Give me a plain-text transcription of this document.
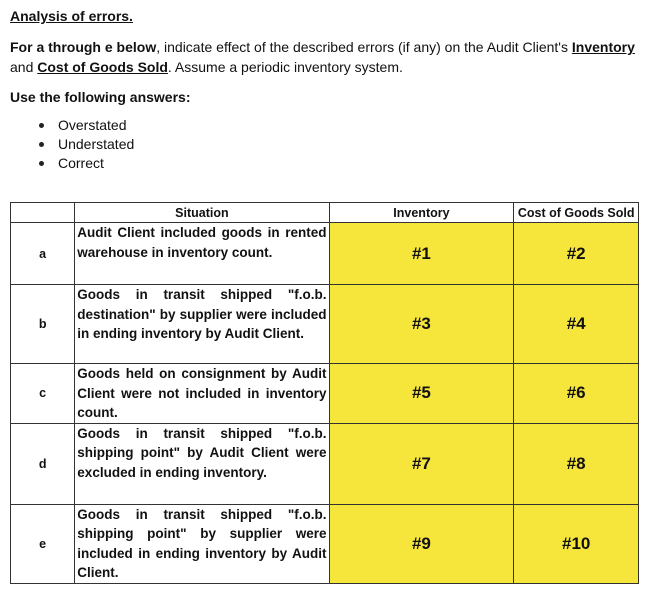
Analysis of errors.
For a through e below, indicate effect of the described errors (if any) on the Audit Client's Inventory and Cost of Goods Sold. Assume a periodic inventory system.
Use the following answers:
Overstated
Understated
Correct
	Situation	Inventory	Cost of Goods Sold
a	Audit Client included goods in rented warehouse in inventory count.	#1	#2
b	Goods in transit shipped "f.o.b. destination" by supplier were included in ending inventory by Audit Client.	#3	#4
c	Goods held on consignment by Audit Client were not included in inventory count.	#5	#6
d	Goods in transit shipped "f.o.b. shipping point" by Audit Client were excluded in ending inventory.	#7	#8
e	Goods in transit shipped "f.o.b. shipping point" by supplier were included in ending inventory by Audit Client.	#9	#10
